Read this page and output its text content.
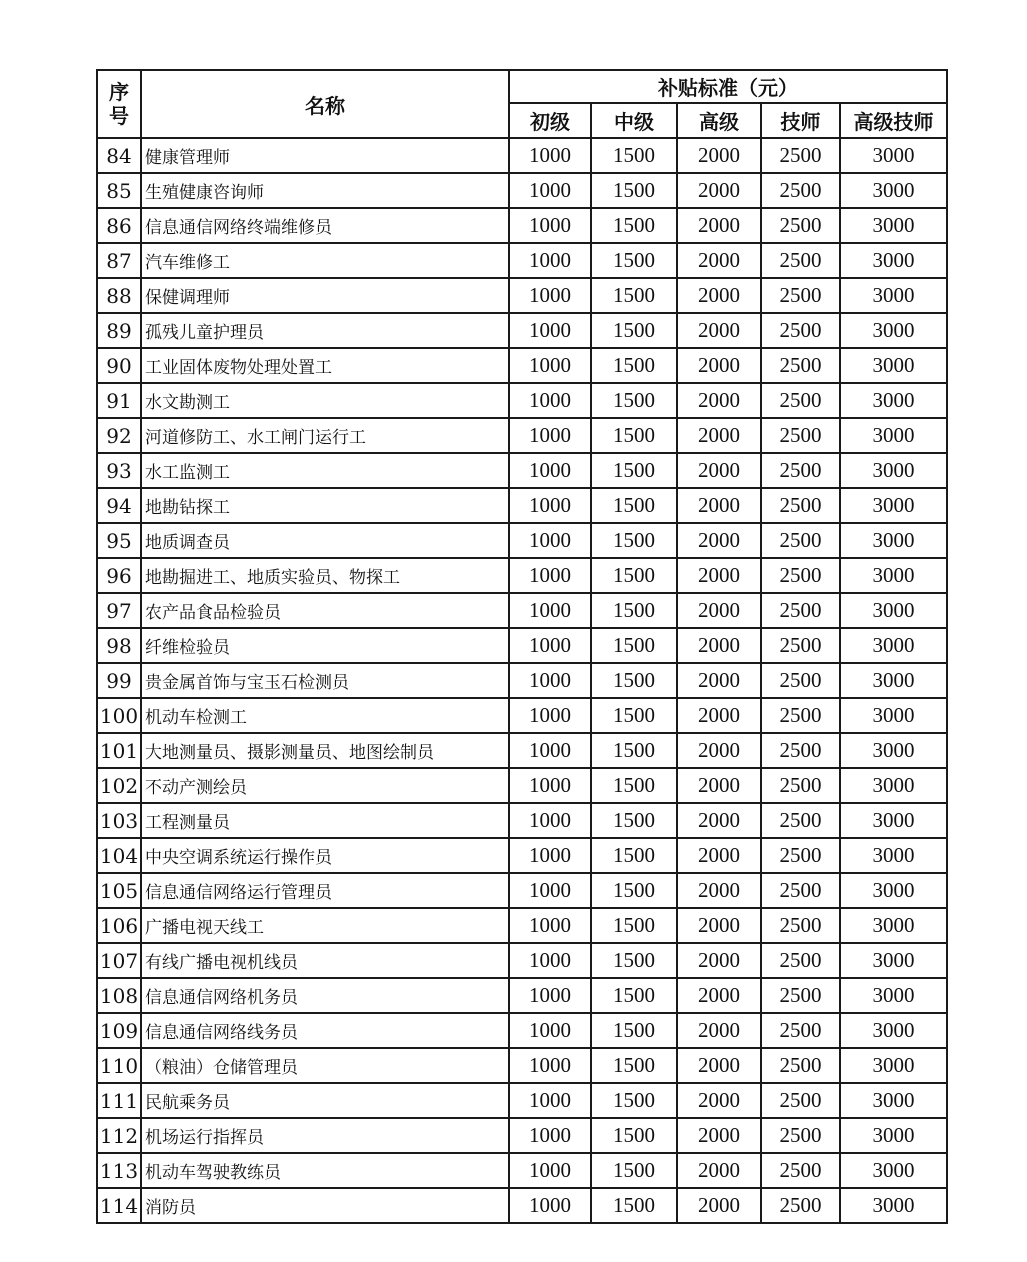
序
号	名称	补贴标准（元）				
		初级	中级	高级	技师	高级技师
84	健康管理师	1000	1500	2000	2500	3000
85	生殖健康咨询师	1000	1500	2000	2500	3000
86	信息通信网络终端维修员	1000	1500	2000	2500	3000
87	汽车维修工	1000	1500	2000	2500	3000
88	保健调理师	1000	1500	2000	2500	3000
89	孤残儿童护理员	1000	1500	2000	2500	3000
90	工业固体废物处理处置工	1000	1500	2000	2500	3000
91	水文勘测工	1000	1500	2000	2500	3000
92	河道修防工、水工闸门运行工	1000	1500	2000	2500	3000
93	水工监测工	1000	1500	2000	2500	3000
94	地勘钻探工	1000	1500	2000	2500	3000
95	地质调查员	1000	1500	2000	2500	3000
96	地勘掘进工、地质实验员、物探工	1000	1500	2000	2500	3000
97	农产品食品检验员	1000	1500	2000	2500	3000
98	纤维检验员	1000	1500	2000	2500	3000
99	贵金属首饰与宝玉石检测员	1000	1500	2000	2500	3000
100	机动车检测工	1000	1500	2000	2500	3000
101	大地测量员、摄影测量员、地图绘制员	1000	1500	2000	2500	3000
102	不动产测绘员	1000	1500	2000	2500	3000
103	工程测量员	1000	1500	2000	2500	3000
104	中央空调系统运行操作员	1000	1500	2000	2500	3000
105	信息通信网络运行管理员	1000	1500	2000	2500	3000
106	广播电视天线工	1000	1500	2000	2500	3000
107	有线广播电视机线员	1000	1500	2000	2500	3000
108	信息通信网络机务员	1000	1500	2000	2500	3000
109	信息通信网络线务员	1000	1500	2000	2500	3000
110	（粮油）仓储管理员	1000	1500	2000	2500	3000
111	民航乘务员	1000	1500	2000	2500	3000
112	机场运行指挥员	1000	1500	2000	2500	3000
113	机动车驾驶教练员	1000	1500	2000	2500	3000
114	消防员	1000	1500	2000	2500	3000
